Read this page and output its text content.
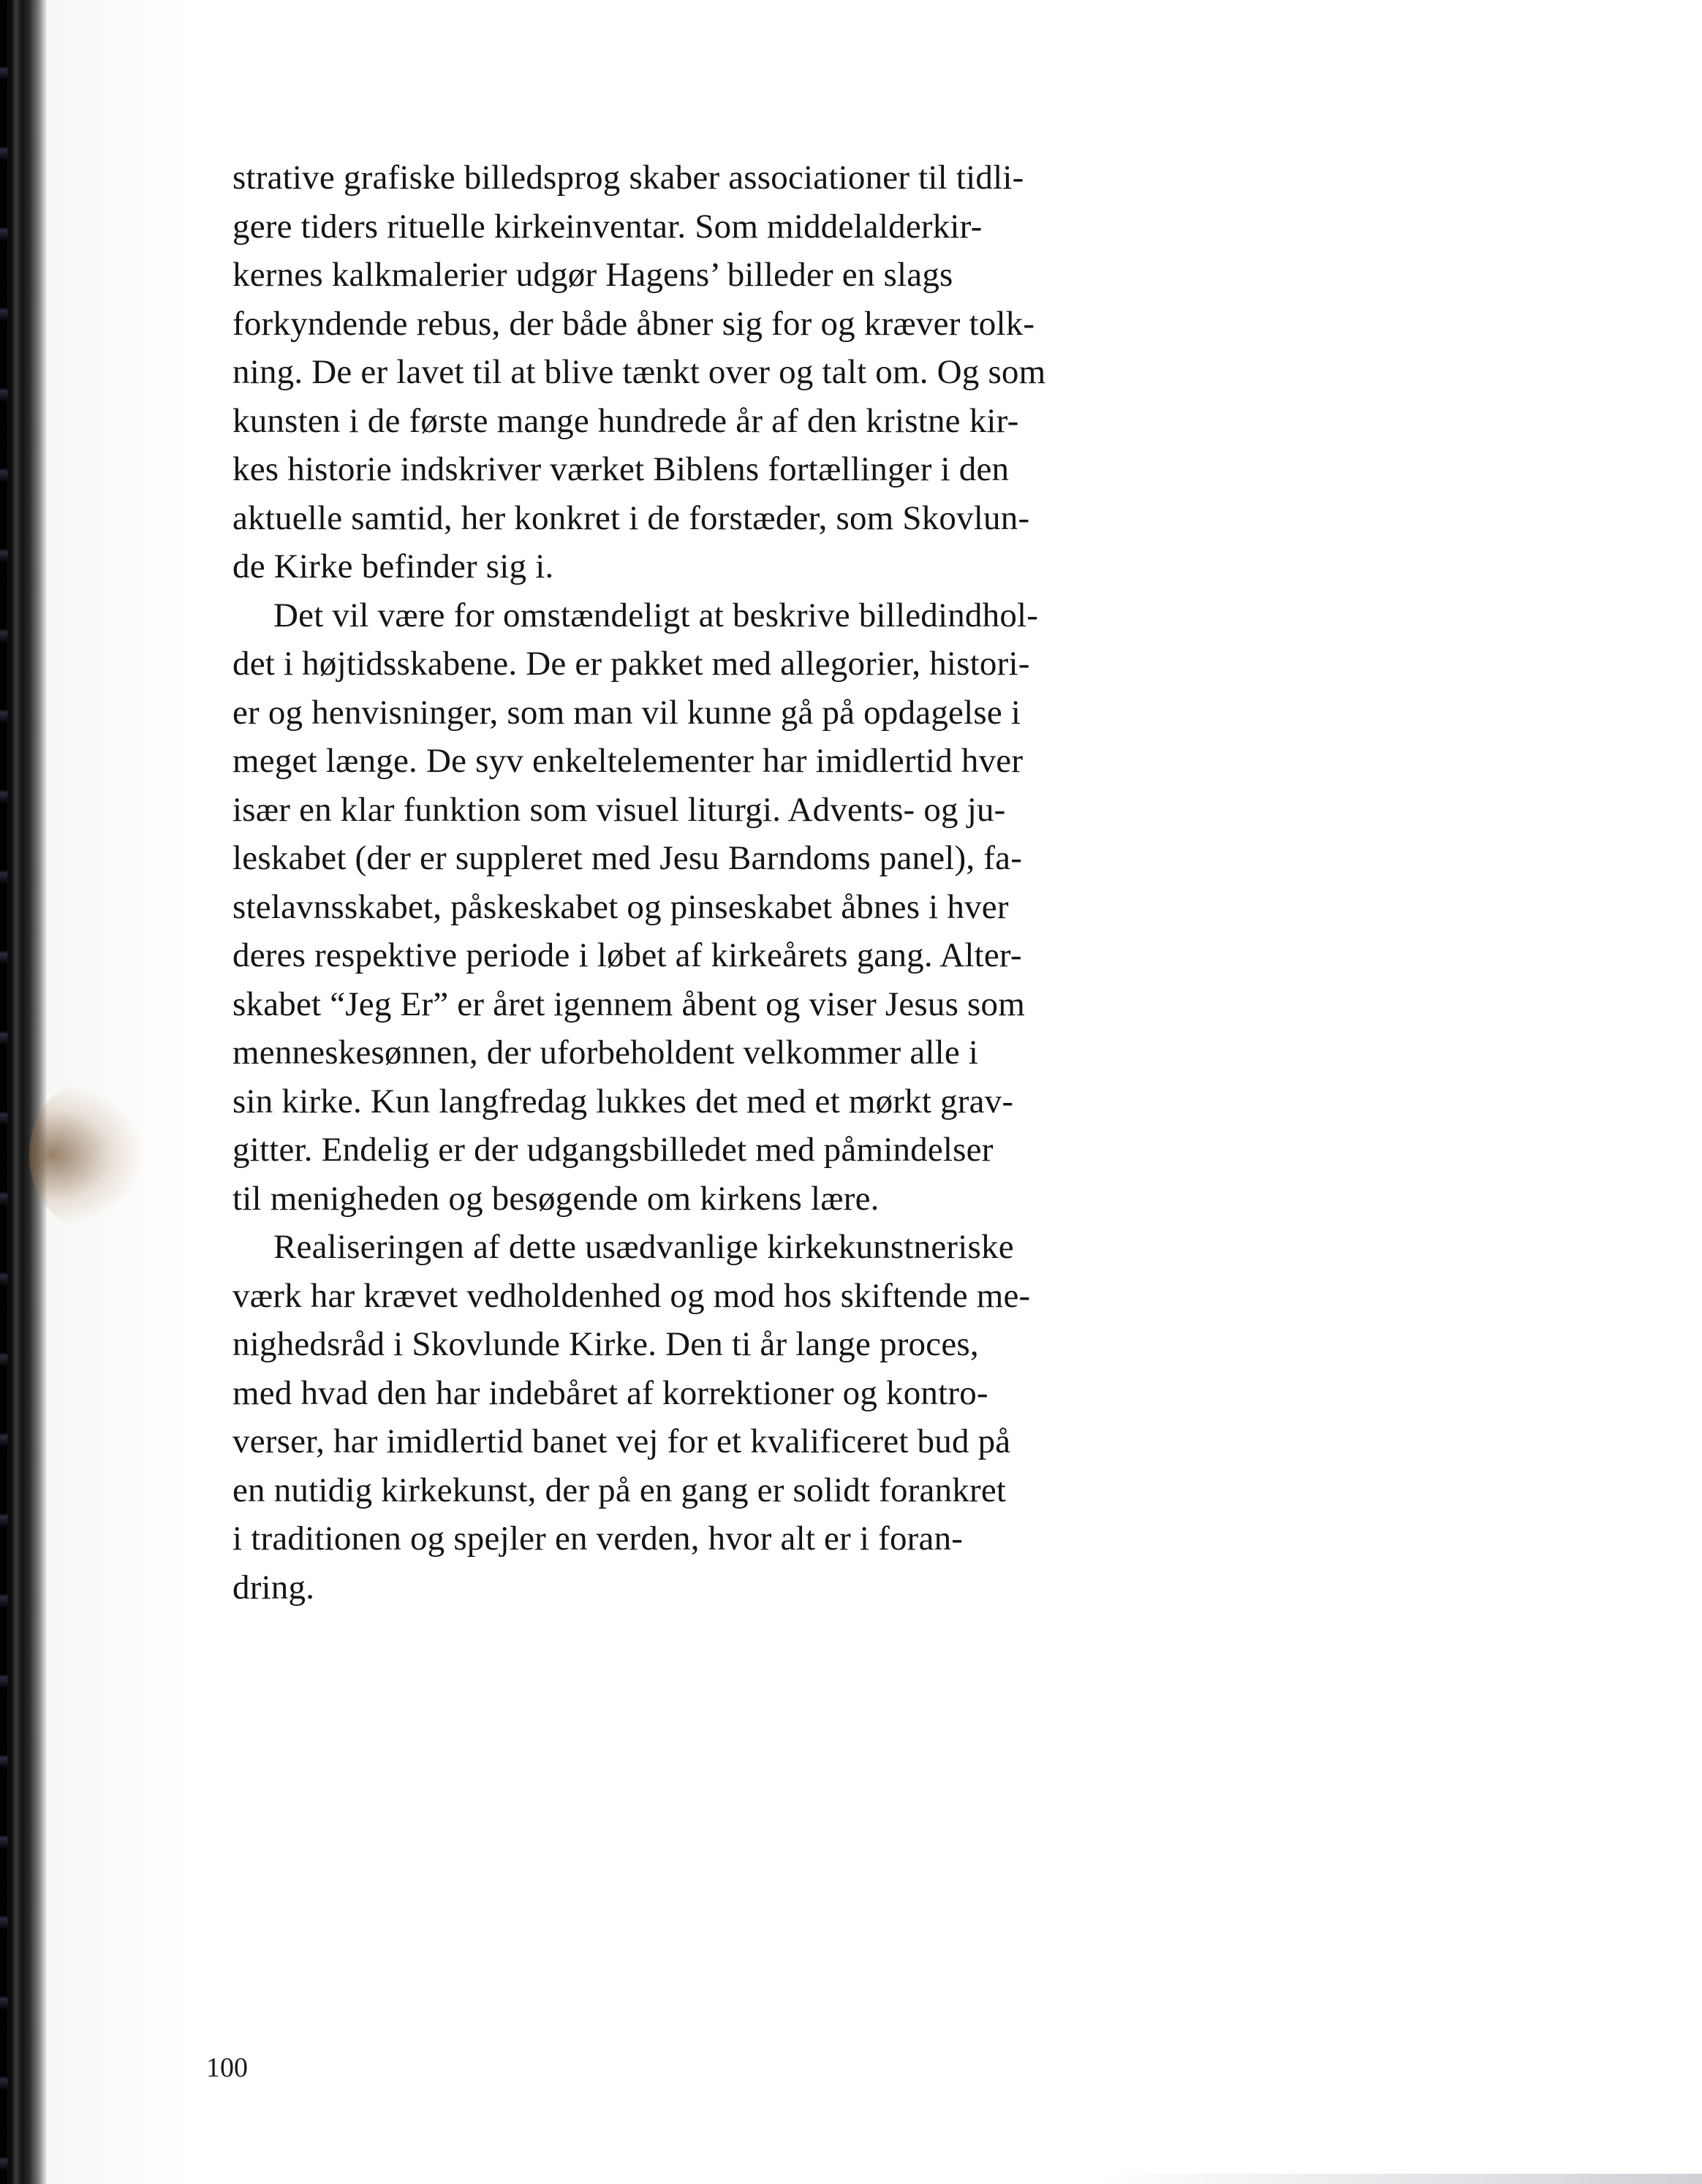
strative grafiske billedsprog skaber associationer til tidli-
gere tiders rituelle kirkeinventar. Som middelalderkir-
kernes kalkmalerier udgør Hagens’ billeder en slags
forkyndende rebus, der både åbner sig for og kræver tolk-
ning. De er lavet til at blive tænkt over og talt om. Og som
kunsten i de første mange hundrede år af den kristne kir-
kes historie indskriver værket Biblens fortællinger i den
aktuelle samtid, her konkret i de forstæder, som Skovlun-
de Kirke befinder sig i.
Det vil være for omstændeligt at beskrive billedindhol-
det i højtidsskabene. De er pakket med allegorier, histori-
er og henvisninger, som man vil kunne gå på opdagelse i
meget længe. De syv enkeltelementer har imidlertid hver
især en klar funktion som visuel liturgi. Advents- og ju-
leskabet (der er suppleret med Jesu Barndoms panel), fa-
stelavnsskabet, påskeskabet og pinseskabet åbnes i hver
deres respektive periode i løbet af kirkeårets gang. Alter-
skabet “Jeg Er” er året igennem åbent og viser Jesus som
menneskesønnen, der uforbeholdent velkommer alle i
sin kirke. Kun langfredag lukkes det med et mørkt grav-
gitter. Endelig er der udgangsbilledet med påmindelser
til menigheden og besøgende om kirkens lære.
Realiseringen af dette usædvanlige kirkekunstneriske
værk har krævet vedholdenhed og mod hos skiftende me-
nighedsråd i Skovlunde Kirke. Den ti år lange proces,
med hvad den har indebåret af korrektioner og kontro-
verser, har imidlertid banet vej for et kvalificeret bud på
en nutidig kirkekunst, der på en gang er solidt forankret
i traditionen og spejler en verden, hvor alt er i foran-
dring.
100
